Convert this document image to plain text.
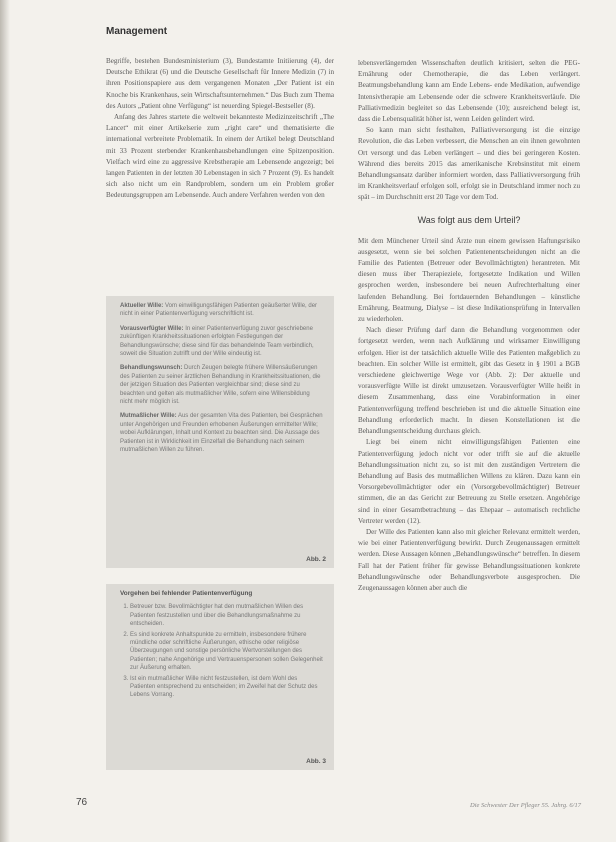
Management

Begriffe, bestehen Bundesministerium (3), Bundestamte Initiierung (4), der Deutsche Ethikrat (6) und die Deutsche Gesellschaft für Innere Medizin (7) in ihren Positionspapiere aus dem vergangenen Monaten „Der Patient ist ein Knoche bis Krankenhaus, sein Wirtschaftsunternehmen.“ Das Buch zum Thema des Autors „Patient ohne Verfügung“ ist neuerding Spiegel-Bestseller (8).

Anfang des Jahres startete die weltweit bekannteste Medizinzeitschrift „The Lancet“ mit einer Artikelserie zum „right care“ und thematisierte die international verbreitete Problematik. In einem der Artikel belegt Deutschland mit 33 Prozent sterbender Krankenhausbehandlungen eine Spitzenposition. Vielfach wird eine zu aggressive Krebstherapie am Lebensende angezeigt; bei langen Patienten in der letzten 30 Lebenstagen in sich 7 Prozent (9). Es handelt sich also nicht um ein Randproblem, sondern um ein Problem großer Bedeutungsgruppen am Lebensende. Auch andere Verfahren werden von den

Aktueller Wille: Vom einwilligungsfähigen Patienten geäußerter Wille, der nicht in einer Patientenverfügung verschriftlicht ist.
Vorausverfügter Wille: In einer Patientenverfügung zuvor geschriebene zukünftigen Krankheitssituationen erfolgten Festlegungen der Behandlungswünsche; diese sind für das behandelnde Team verbindlich, soweit die Situation zutrifft und der Wille eindeutig ist.
Behandlungswunsch: Durch Zeugen belegte frühere Willensäußerungen des Patienten zu seiner ärztlichen Behandlung in Krankheitssituationen, die der jetzigen Situation des Patienten vergleichbar sind; diese sind zu beachten und gelten als mutmaßlicher Wille, sofern eine Willensbildung nicht mehr möglich ist.
Mutmaßlicher Wille: Aus der gesamten Vita des Patienten, bei Gesprächen unter Angehörigen und Freunden erhobenen Äußerungen ermittelter Wille; wobei Aufklärungen, Inhalt und Kontext zu beachten sind. Die Aussage des Patienten ist in Wirklichkeit im Einzelfall die Behandlung nach seinem mutmaßlichen Willen zu führen.
Abb. 2
Vorgehen bei fehlender Patientenverfügung
1. Betreuer bzw. Bevollmächtigter hat den mutmaßlichen Willen des Patienten festzustellen und über die Behandlungsmaßnahme zu entscheiden.
2. Es sind konkrete Anhaltspunkte zu ermitteln, insbesondere frühere mündliche oder schriftliche Äußerungen, ethische oder religiöse Überzeugungen und sonstige persönliche Wertvorstellungen des Patienten; nahe Angehörige und Vertrauenspersonen sollen Gelegenheit zur Äußerung erhalten.
3. Ist ein mutmaßlicher Wille nicht festzustellen, ist dem Wohl des Patienten entsprechend zu entscheiden; im Zweifel hat der Schutz des Lebens Vorrang.
Abb. 3

lebensverlängernden Wissenschaften deutlich kritisiert, selten die PEG-Ernährung oder Chemotherapie, die das Leben verlängert. Beatmungsbehandlung kann am Ende Lebens- ende Medikation, aufwendige Intensivtherapie am Lebensende oder die schwere Krankheitsverläufe. Die Palliativmedizin begleitet so das Lebensende (10); ausreichend belegt ist, dass die Lebensqualität höher ist, wenn Leiden gelindert wird.

So kann man sicht festhalten, Palliativversorgung ist die einzige Revolution, die das Leben verbessert, die Menschen an ein ihnen gewohnten Ort versorgt und das Leben verlängert – und dies bei geringeren Kosten. Während dies bereits 2015 das amerikanische Krebsinstitut mit einem Behandlungsansatz darüber informiert worden, dass Palliativversorgung früh im Krankheitsverlauf erfolgen soll, erfolgt sie in Deutschland immer noch zu spät – im Durchschnitt erst 20 Tage vor dem Tod.

Was folgt aus dem Urteil?

Mit dem Münchener Urteil sind Ärzte nun einem gewissen Haftungsrisiko ausgesetzt, wenn sie bei solchen Patientenentscheidungen nicht an die Familie des Patienten (Betreuer oder Bevollmächtigten) herantreten. Mit diesen muss über Therapieziele, fortgesetzte Indikation und Willen gesprochen werden, insbesondere bei neuen Aufrechterhaltung einer laufenden Behandlung. Bei fortdauernden Behandlungen – künstliche Ernährung, Beatmung, Dialyse – ist diese Indikationsprüfung in Intervallen zu wiederholen.

Nach dieser Prüfung darf dann die Behandlung vorgenommen oder fortgesetzt werden, wenn nach Aufklärung und wirksamer Einwilligung erfolgen. Hier ist der tatsächlich aktuelle Wille des Patienten maßgeblich zu beachten. Ein solcher Wille ist ermittelt, gibt das Gesetz in § 1901 a BGB verschiedene gleichwertige Wege vor (Abb. 2): Der aktuelle und vorausverfügte Wille ist direkt umzusetzen. Vorausverfügter Wille heißt in diesem Zusammenhang, dass eine Vorabinformation in einer Patientenverfügung treffend beschrieben ist und die aktuelle Situation eine Behandlung erforderlich macht. In diesen Konstellationen ist die Behandlungsentscheidung durchaus gleich.

Liegt bei einem nicht einwilligungsfähigen Patienten eine Patientenverfügung jedoch nicht vor oder trifft sie auf die aktuelle Behandlungssituation nicht zu, so ist mit den zuständigen Vertretern die Behandlung auf Basis des mutmaßlichen Willens zu klären. Dazu kann ein Vorsorgebevollmächtigter oder ein (Vorsorgebevollmächtigter) Betreuer stimmen, die an das Gericht zur Betreuung zu Stelle ersetzen. Angehörige sind in einer Gesamtbetrachtung – das Ehepaar – automatisch rechtliche Vertreter werden (12).

Der Wille des Patienten kann also mit gleicher Relevanz ermittelt werden, wie bei einer Patientenverfügung bewirkt. Durch Zeugenaussagen ermittelt werden. Diese Aussagen können „Behandlungswünsche“ betreffen. In diesem Fall hat der Patient früher für gewisse Behandlungssituationen konkrete Behandlungswünsche oder Behandlungsverbote ausgesprochen. Die Zeugenaussagen können aber auch die

76	Die Schwester Der Pfleger 55. Jahrg. 6/17
